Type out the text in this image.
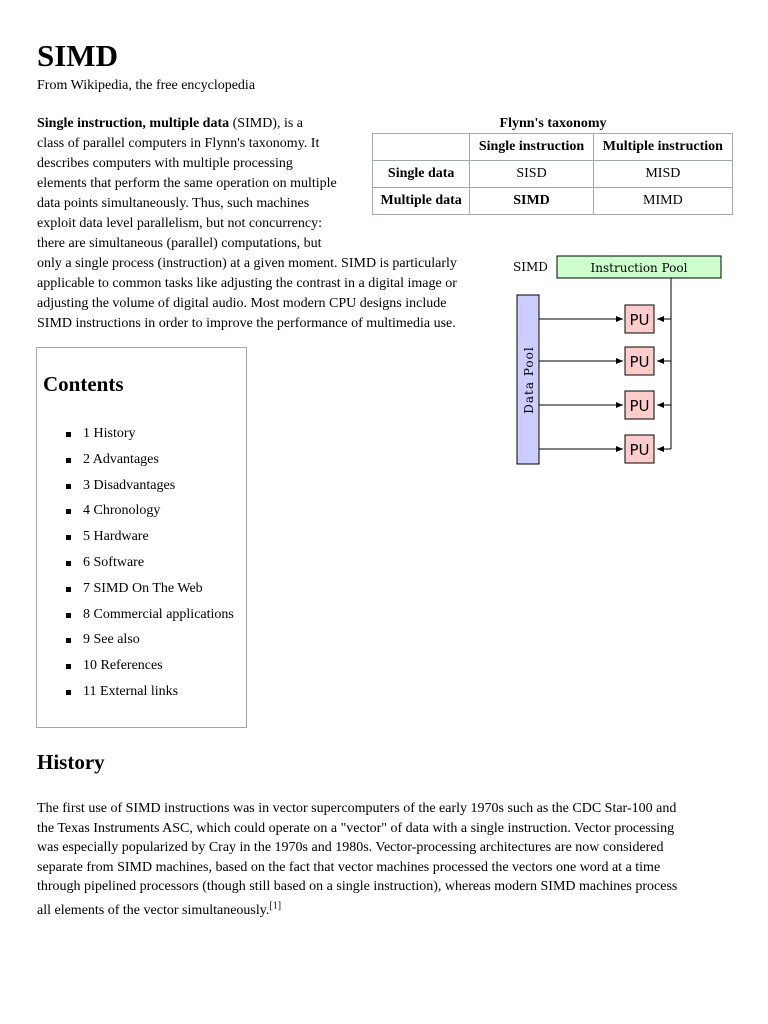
SIMD
From Wikipedia, the free encyclopedia
Single instruction, multiple data (SIMD), is a
class of parallel computers in Flynn's taxonomy. It
describes computers with multiple processing
elements that perform the same operation on multiple
data points simultaneously. Thus, such machines
exploit data level parallelism, but not concurrency:
there are simultaneous (parallel) computations, but
only a single process (instruction) at a given moment. SIMD is particularly
applicable to common tasks like adjusting the contrast in a digital image or
adjusting the volume of digital audio. Most modern CPU designs include
SIMD instructions in order to improve the performance of multimedia use.
Flynn's taxonomy
	Single instruction	Multiple instruction
Single data	SISD	MISD
Multiple data	SIMD	MIMD
SIMD	Instruction Pool
Data Pool
PU
PU
PU
PU
Contents
1 History
2 Advantages
3 Disadvantages
4 Chronology
5 Hardware
6 Software
7 SIMD On The Web
8 Commercial applications
9 See also
10 References
11 External links
History
The first use of SIMD instructions was in vector supercomputers of the early 1970s such as the CDC Star-100 and
the Texas Instruments ASC, which could operate on a "vector" of data with a single instruction. Vector processing
was especially popularized by Cray in the 1970s and 1980s. Vector-processing architectures are now considered
separate from SIMD machines, based on the fact that vector machines processed the vectors one word at a time
through pipelined processors (though still based on a single instruction), whereas modern SIMD machines process
all elements of the vector simultaneously.[1]
